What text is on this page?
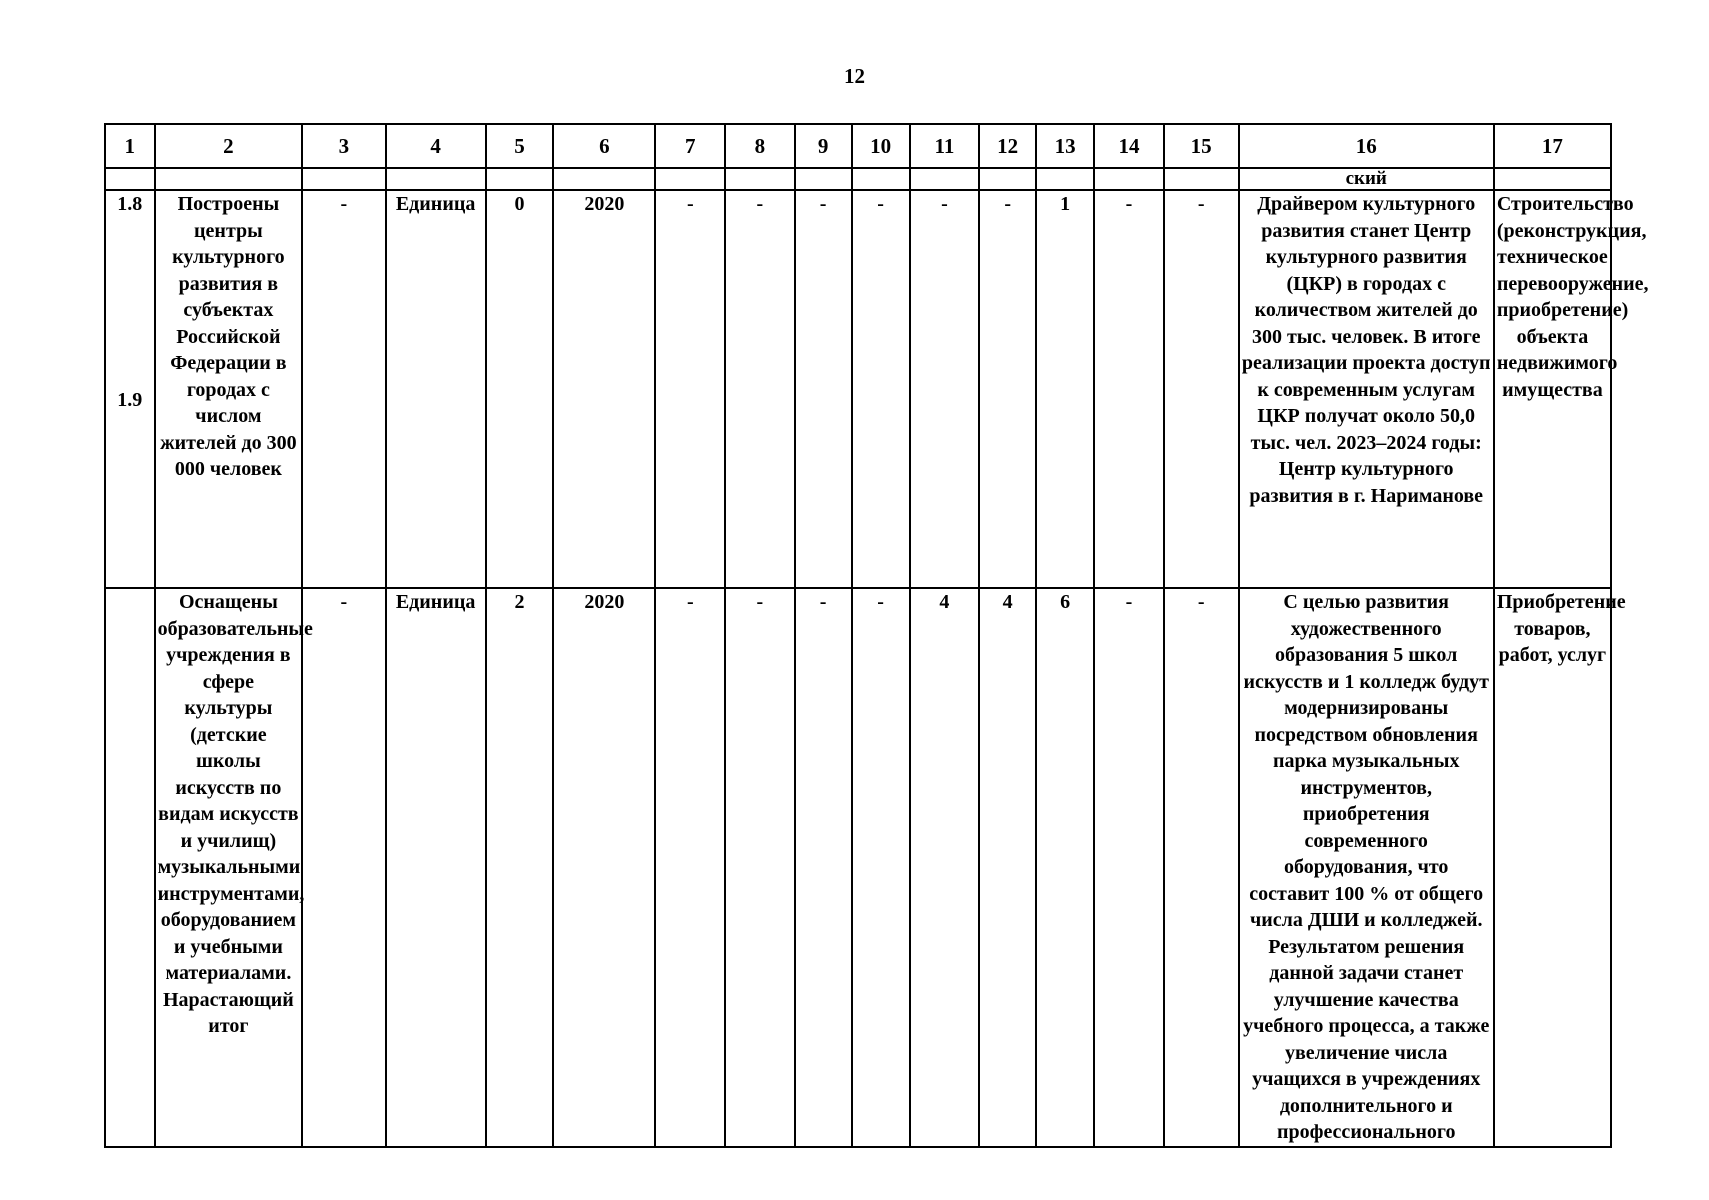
12
1	2	3	4	5	6	7	8	9	10	11	12	13	14	15	16	17
															ский	
1.8	Построены центры культурного развития в субъектах Российской Федерации в городах с числом жителей до 300 000 человек	-	Единица	0	2020	-	-	-	-	-	-	1	-	-	Драйвером культурного развития станет Центр культурного развития (ЦКР) в городах с количеством жителей до 300 тыс. человек. В итоге реализации проекта доступ к современным услугам ЦКР получат около 50,0 тыс. чел. 2023–2024 годы: Центр культурного развития в г. Нариманове	Строительство (реконструкция, техническое перевооружение, приобретение) объекта недвижимого имущества

1.9	Оснащены образовательные учреждения в сфере культуры (детские школы искусств по видам искусств и училищ) музыкальными инструментами, оборудованием и учебными материалами. Нарастающий итог	-	Единица	2	2020	-	-	-	-	4	4	6	-	-	С целью развития художественного образования 5 школ искусств и 1 колледж будут модернизированы посредством обновления парка музыкальных инструментов, приобретения современного оборудования, что составит 100 % от общего числа ДШИ и колледжей. Результатом решения данной задачи станет улучшение качества учебного процесса, а также увеличение числа учащихся в учреждениях дополнительного и профессионального	Приобретение товаров, работ, услуг
